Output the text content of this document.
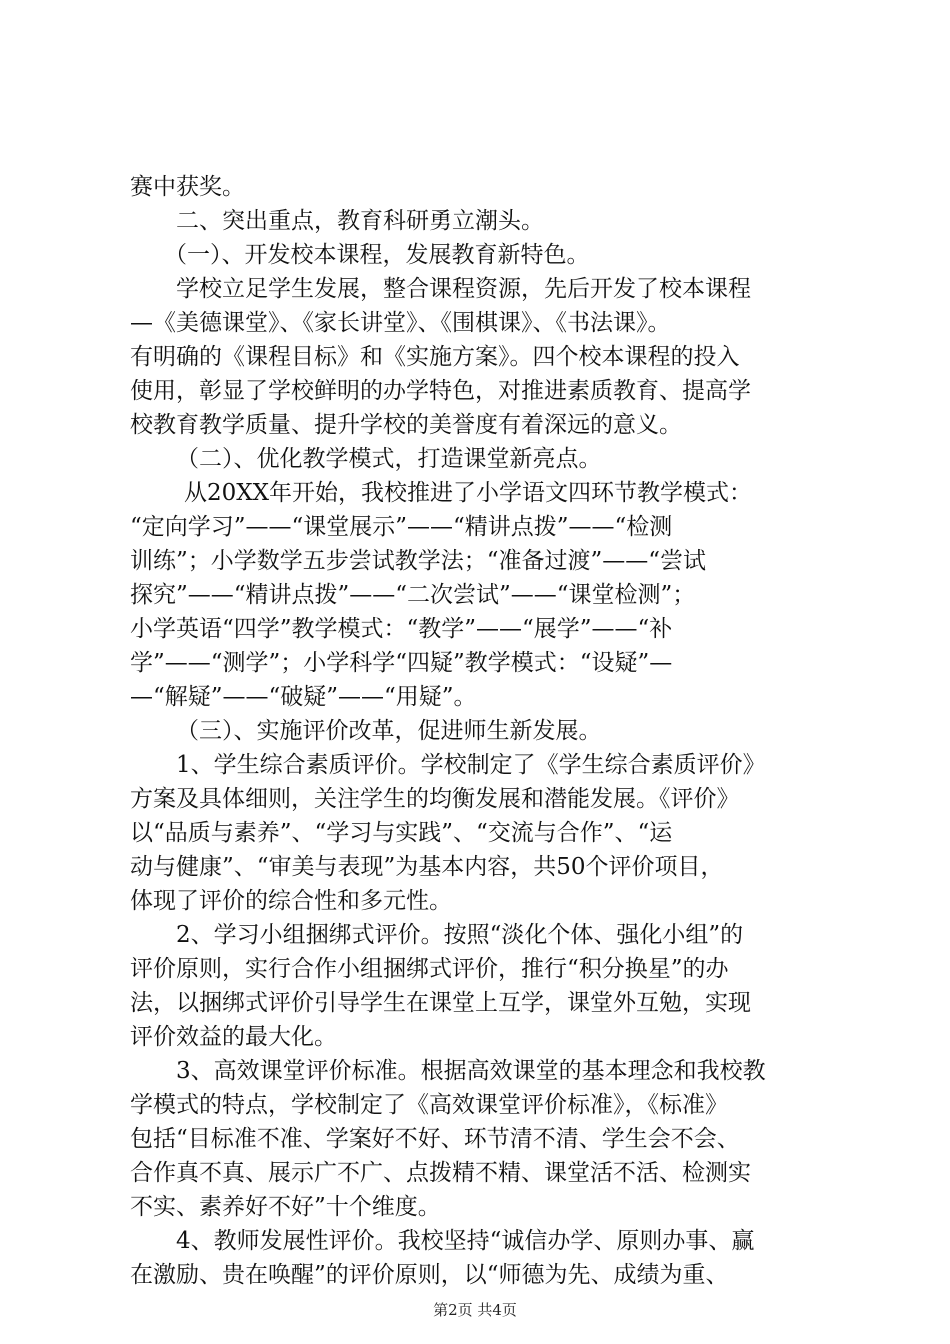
赛中获奖。
二、突出重点，教育科研勇立潮头。
（一）、开发校本课程，发展教育新特色。
学校立足学生发展，整合课程资源，先后开发了校本课程
—《美德课堂》、《家长讲堂》、《围棋课》、《书法课》。
有明确的《课程目标》和《实施方案》。四个校本课程的投入
使用，彰显了学校鲜明的办学特色，对推进素质教育、提高学
校教育教学质量、提升学校的美誉度有着深远的意义。
（二）、优化教学模式，打造课堂新亮点。
从20XX年开始，我校推进了小学语文四环节教学模式：
“定向学习”——“课堂展示”——“精讲点拨”——“检测
训练”；小学数学五步尝试教学法；“准备过渡”——“尝试
探究”——“精讲点拨”——“二次尝试”——“课堂检测”；
小学英语“四学”教学模式：“教学”——“展学”——“补
学”——“测学”；小学科学“四疑”教学模式：“设疑”—
—“解疑”——“破疑”——“用疑”。
（三）、实施评价改革，促进师生新发展。
1、学生综合素质评价。学校制定了《学生综合素质评价》
方案及具体细则，关注学生的均衡发展和潜能发展。《评价》
以“品质与素养”、“学习与实践”、“交流与合作”、“运
动与健康”、“审美与表现”为基本内容，共50个评价项目，
体现了评价的综合性和多元性。
2、学习小组捆绑式评价。按照“淡化个体、强化小组”的
评价原则，实行合作小组捆绑式评价，推行“积分换星”的办
法，以捆绑式评价引导学生在课堂上互学，课堂外互勉，实现
评价效益的最大化。
3、高效课堂评价标准。根据高效课堂的基本理念和我校教
学模式的特点，学校制定了《高效课堂评价标准》，《标准》
包括“目标准不准、学案好不好、环节清不清、学生会不会、
合作真不真、展示广不广、点拨精不精、课堂活不活、检测实
不实、素养好不好”十个维度。
4、教师发展性评价。我校坚持“诚信办学、原则办事、赢
在激励、贵在唤醒”的评价原则，以“师德为先、成绩为重、
第2页 共4页
